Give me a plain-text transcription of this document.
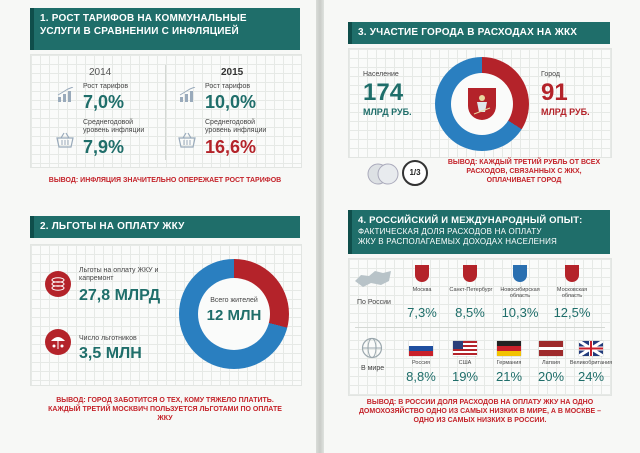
1. РОСТ ТАРИФОВ НА КОММУНАЛЬНЫЕ УСЛУГИ В СРАВНЕНИИ С ИНФЛЯЦИЕЙ
2014	2015
Рост тарифов
7,0%
Среднегодовой уровень инфляции
7,9%
Рост тарифов
10,0%
Среднегодовой уровень инфляции
16,6%
ВЫВОД: ИНФЛЯЦИЯ ЗНАЧИТЕЛЬНО ОПЕРЕЖАЕТ РОСТ ТАРИФОВ
2. ЛЬГОТЫ НА ОПЛАТУ ЖКУ
Льготы на оплату ЖКУ и капремонт
27,8 МЛРД
Число льготников
3,5 МЛН
Всего жителей
12 МЛН
ВЫВОД: ГОРОД ЗАБОТИТСЯ О ТЕХ, КОМУ ТЯЖЕЛО ПЛАТИТЬ. КАЖДЫЙ ТРЕТИЙ МОСКВИЧ ПОЛЬЗУЕТСЯ ЛЬГОТАМИ ПО ОПЛАТЕ ЖКУ
3. УЧАСТИЕ ГОРОДА В РАСХОДАХ НА ЖКХ
Население
174
МЛРД РУБ.
Город
91
МЛРД РУБ.
1/3
ВЫВОД: КАЖДЫЙ ТРЕТИЙ РУБЛЬ ОТ ВСЕХ РАСХОДОВ, СВЯЗАННЫХ С ЖКХ, ОПЛАЧИВАЕТ ГОРОД
4. РОССИЙСКИЙ И МЕЖДУНАРОДНЫЙ ОПЫТ:
ФАКТИЧЕСКАЯ ДОЛЯ РАСХОДОВ НА ОПЛАТУ ЖКУ В РАСПОЛАГАЕМЫХ ДОХОДАХ НАСЕЛЕНИЯ
По России
Москва
7,3%
Санкт-Петербург
8,5%
Новосибирская область
10,3%
Московская область
12,5%
В мире
Россия
8,8%
США
19%
Германия
21%
Латвия
20%
Великобритания
24%
ВЫВОД: В РОССИИ ДОЛЯ РАСХОДОВ НА ОПЛАТУ ЖКУ НА ОДНО ДОМОХОЗЯЙСТВО ОДНО ИЗ САМЫХ НИЗКИХ В МИРЕ, А В МОСКВЕ – ОДНО ИЗ САМЫХ НИЗКИХ В РОССИИ.
